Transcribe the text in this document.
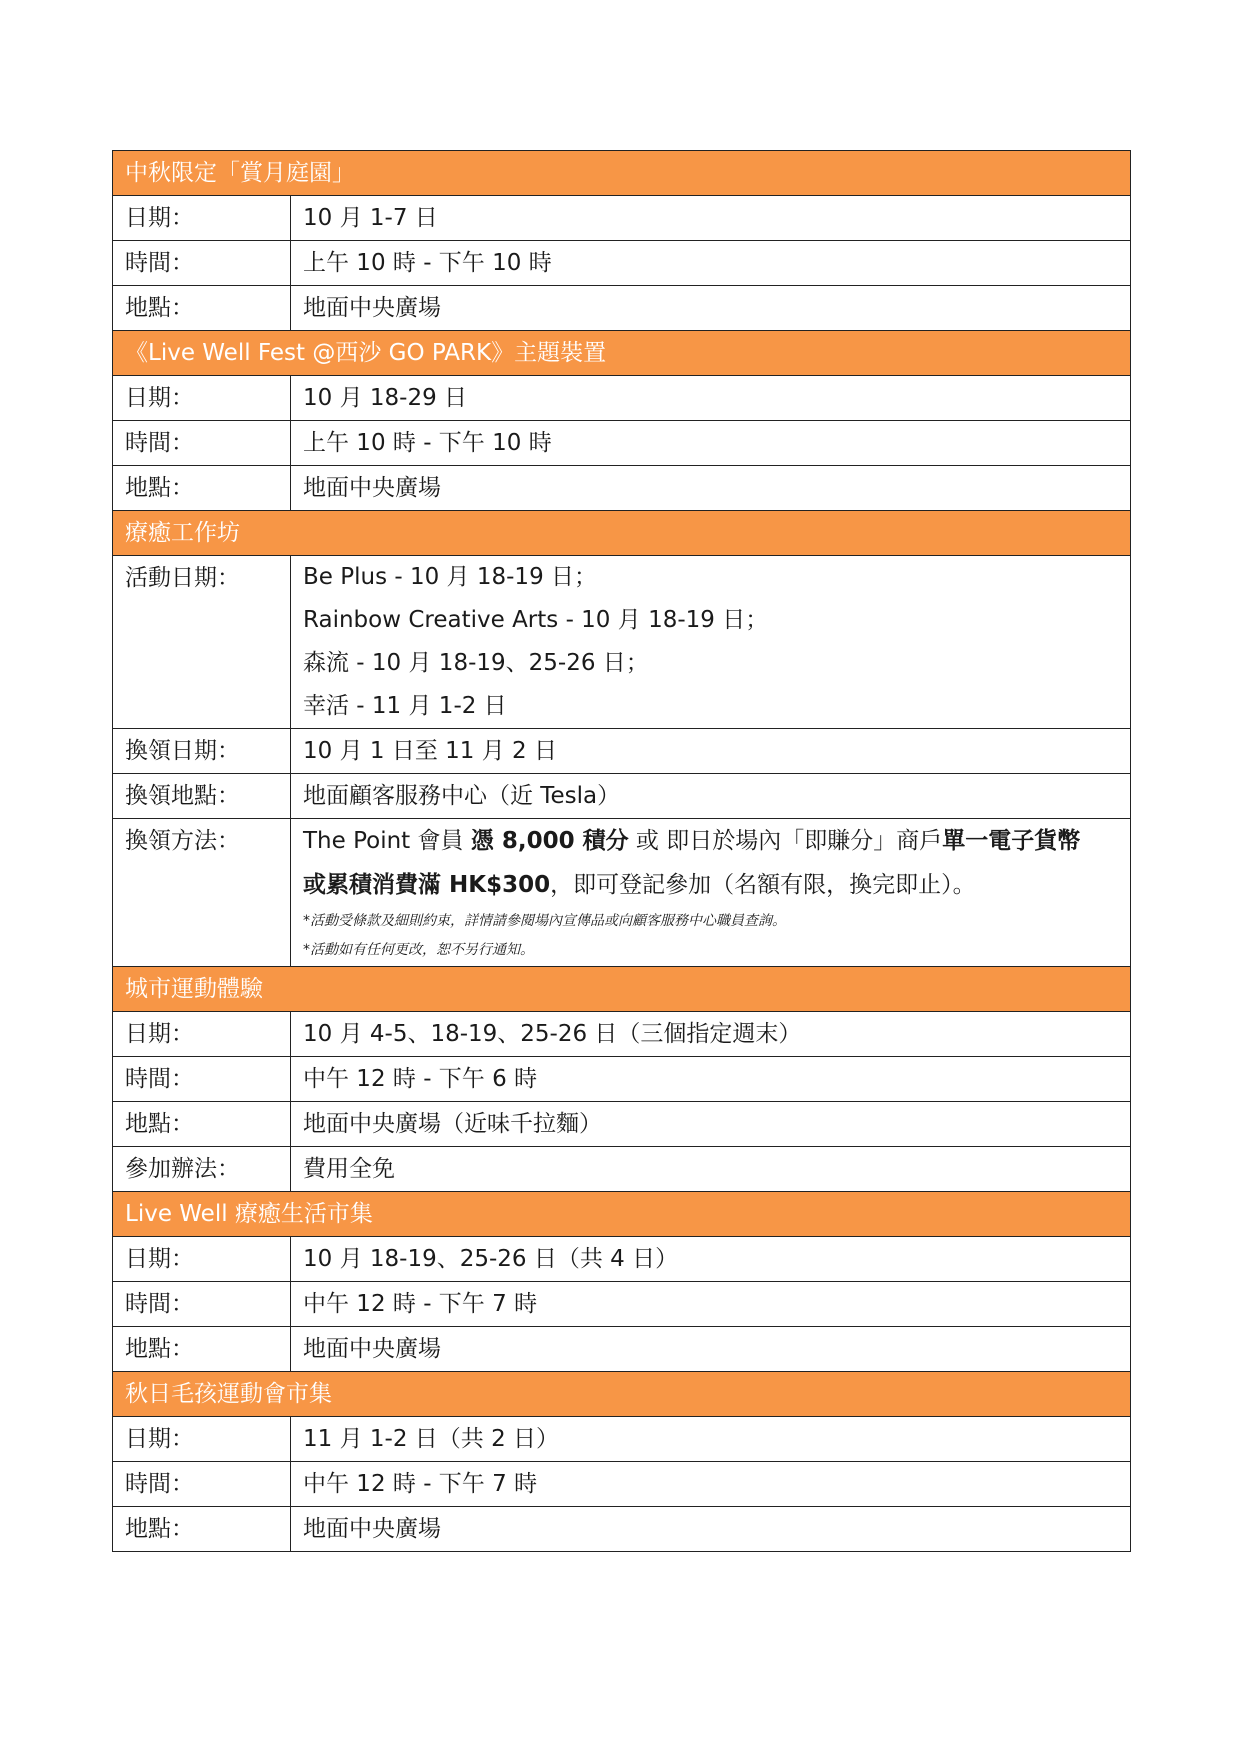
中秋限定「賞月庭園」	
日期：	10 月 1-7 日
時間：	上午 10 時 - 下午 10 時
地點：	地面中央廣場
《Live Well Fest @西沙 GO PARK》主題裝置	
日期：	10 月 18-29 日
時間：	上午 10 時 - 下午 10 時
地點：	地面中央廣場
療癒工作坊	
活動日期：	Be Plus - 10 月 18-19 日；
Rainbow Creative Arts - 10 月 18-19 日；
森流 - 10 月 18-19、25-26 日；
幸活 - 11 月 1-2 日

換領日期：	10 月 1 日至 11 月 2 日
換領地點：	地面顧客服務中心（近 Tesla）
換領方法：	The Point 會員 憑 8,000 積分 或 即日於場內「即賺分」商戶單一電子貨幣
或累積消費滿 HK$300，即可登記參加（名額有限，換完即止）。
*活動受條款及細則約束，詳情請參閱場內宣傳品或向顧客服務中心職員查詢。
*活動如有任何更改，恕不另行通知。

城市運動體驗	
日期：	10 月 4-5、18-19、25-26 日（三個指定週末）
時間：	中午 12 時 - 下午 6 時
地點：	地面中央廣場（近味千拉麵）
參加辦法：	費用全免
Live Well 療癒生活市集	
日期：	10 月 18-19、25-26 日（共 4 日）
時間：	中午 12 時 - 下午 7 時
地點：	地面中央廣場
秋日毛孩運動會市集	
日期：	11 月 1-2 日（共 2 日）
時間：	中午 12 時 - 下午 7 時
地點：	地面中央廣場
